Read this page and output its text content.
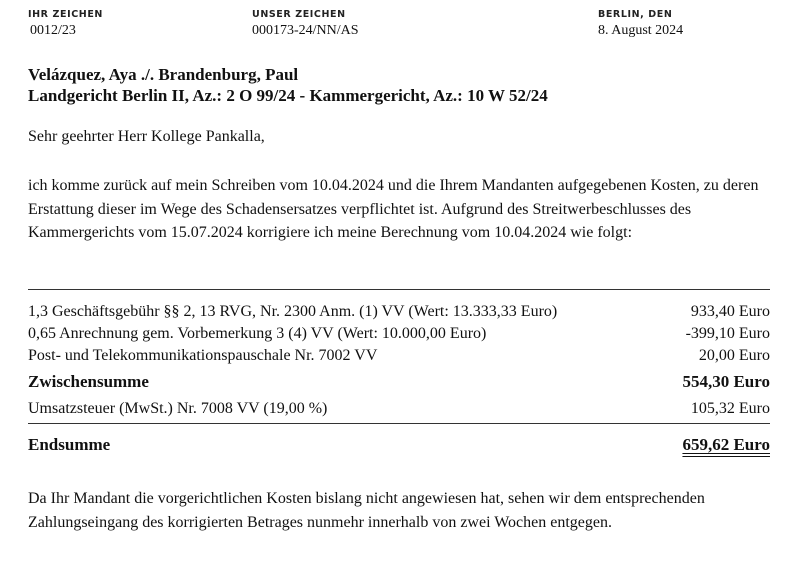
IHR ZEICHEN
0012/23
UNSER ZEICHEN
000173-24/NN/AS
BERLIN, DEN
8. August 2024
Velázquez, Aya ./. Brandenburg, Paul
Landgericht Berlin II, Az.: 2 O 99/24 - Kammergericht, Az.: 10 W 52/24
Sehr geehrter Herr Kollege Pankalla,
ich komme zurück auf mein Schreiben vom 10.04.2024 und die Ihrem Mandanten aufgegebenen Kosten, zu deren Erstattung dieser im Wege des Schadensersatzes verpflichtet ist. Aufgrund des Streitwerbeschlusses des Kammergerichts vom 15.07.2024 korrigiere ich meine Berechnung vom 10.04.2024 wie folgt:
1,3 Geschäftsgebühr §§ 2, 13 RVG, Nr. 2300 Anm. (1) VV (Wert: 13.333,33 Euro)	933,40 Euro
0,65 Anrechnung gem. Vorbemerkung 3 (4) VV (Wert: 10.000,00 Euro)	-399,10 Euro
Post- und Telekommunikationspauschale Nr. 7002 VV	20,00 Euro
Zwischensumme	554,30 Euro
Umsatzsteuer (MwSt.) Nr. 7008 VV (19,00 %)	105,32 Euro
Endsumme	659,62 Euro
Da Ihr Mandant die vorgerichtlichen Kosten bislang nicht angewiesen hat, sehen wir dem entsprechenden Zahlungseingang des korrigierten Betrages nunmehr innerhalb von zwei Wochen entgegen.
